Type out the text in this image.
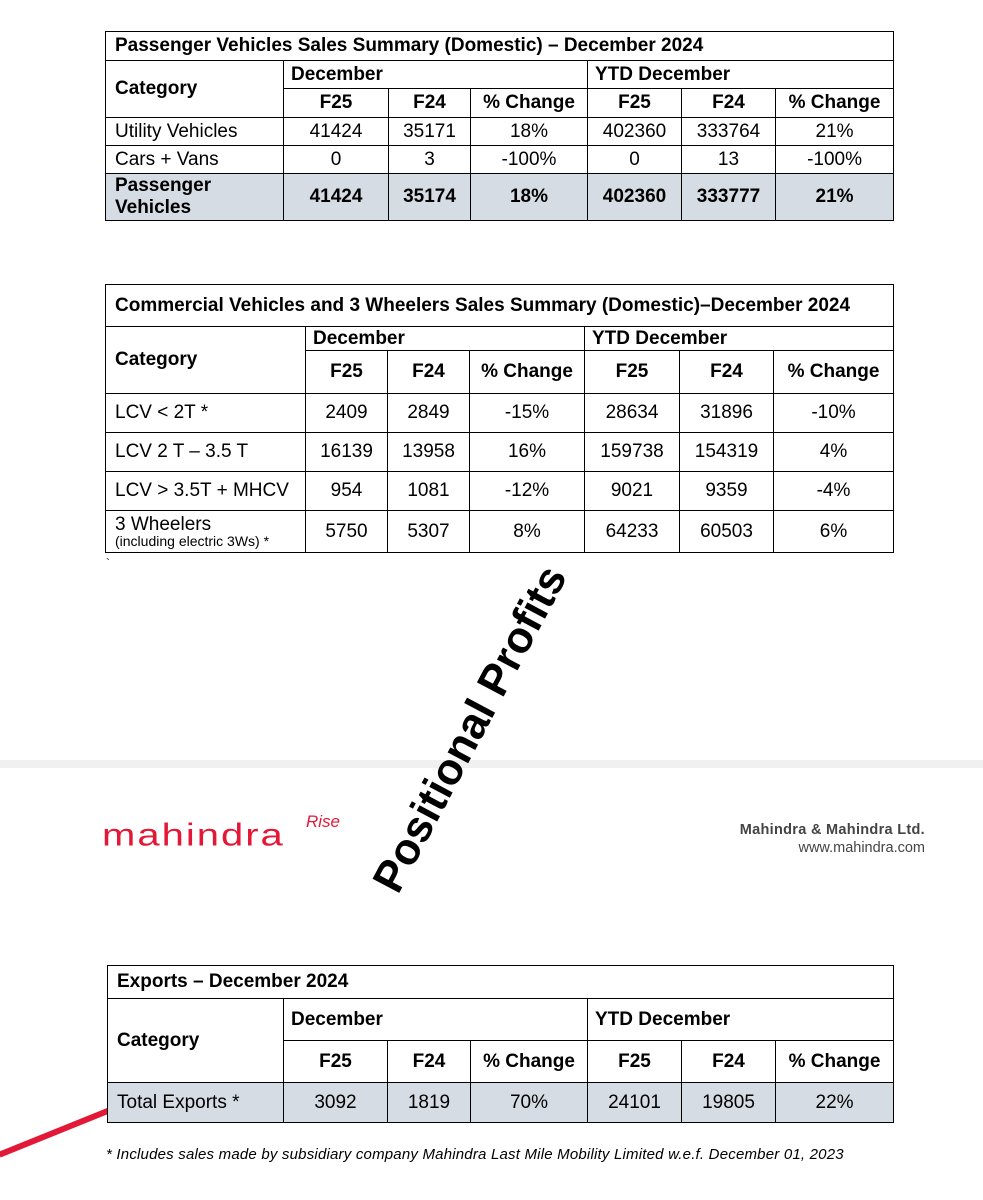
Passenger Vehicles Sales Summary (Domestic) – December 2024						
Category	December			YTD December		
	F25	F24	% Change	F25	F24	% Change
Utility Vehicles	41424	35171	18%	402360	333764	21%
Cars + Vans	0	3	-100%	0	13	-100%
Passenger
Vehicles	41424	35174	18%	402360	333777	21%
Commercial Vehicles and 3 Wheelers Sales Summary (Domestic)–December 2024						
Category	December			YTD December		
	F25	F24	% Change	F25	F24	% Change
LCV < 2T *	2409	2849	-15%	28634	31896	-10%
LCV 2 T – 3.5 T	16139	13958	16%	159738	154319	4%
LCV > 3.5T + MHCV	954	1081	-12%	9021	9359	-4%

3 Wheelers
(including electric 3Ws) *	5750	5307	8%	64233	60503	6%
`
mahindra Rise	Mahindra & Mahindra Ltd.
www.mahindra.com
Positional Profits
Exports – December 2024						
Category	December			YTD December		
	F25	F24	% Change	F25	F24	% Change
Total Exports *	3092	1819	70%	24101	19805	22%
* Includes sales made by subsidiary company Mahindra Last Mile Mobility Limited w.e.f. December 01, 2023
